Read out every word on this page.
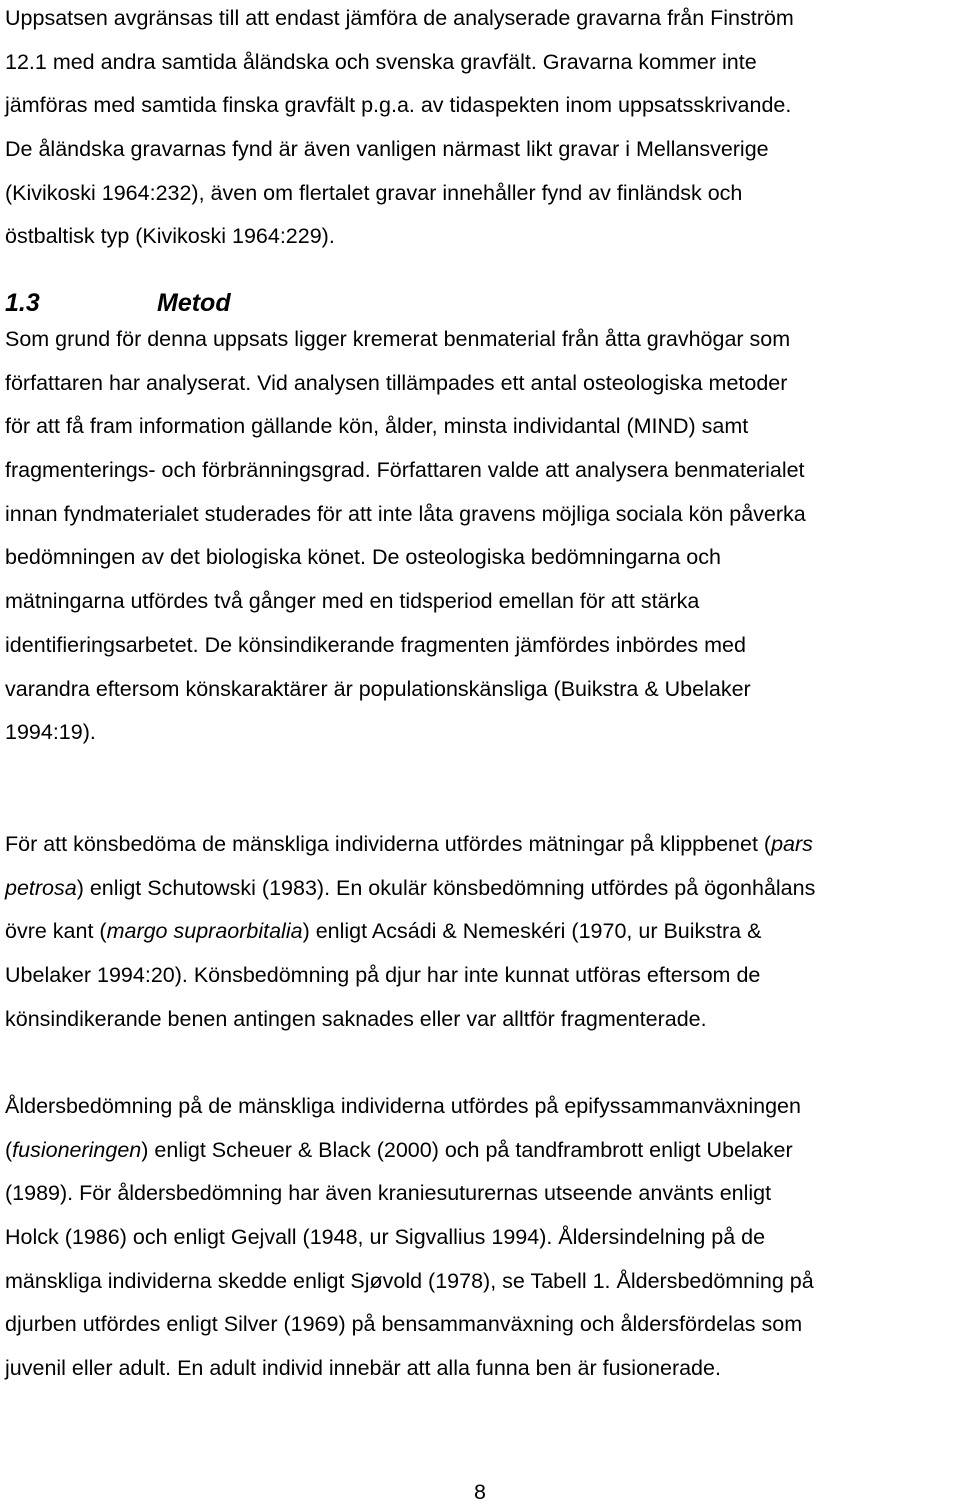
Uppsatsen avgränsas till att endast jämföra de analyserade gravarna från Finström
12.1 med andra samtida åländska och svenska gravfält. Gravarna kommer inte
jämföras med samtida finska gravfält p.g.a. av tidaspekten inom uppsatsskrivande.
De åländska gravarnas fynd är även vanligen närmast likt gravar i Mellansverige
(Kivikoski 1964:232), även om flertalet gravar innehåller fynd av finländsk och
östbaltisk typ (Kivikoski 1964:229).

1.3	Metod

Som grund för denna uppsats ligger kremerat benmaterial från åtta gravhögar som
författaren har analyserat. Vid analysen tillämpades ett antal osteologiska metoder
för att få fram information gällande kön, ålder, minsta individantal (MIND) samt
fragmenterings- och förbränningsgrad. Författaren valde att analysera benmaterialet
innan fyndmaterialet studerades för att inte låta gravens möjliga sociala kön påverka
bedömningen av det biologiska könet. De osteologiska bedömningarna och
mätningarna utfördes två gånger med en tidsperiod emellan för att stärka
identifieringsarbetet. De könsindikerande fragmenten jämfördes inbördes med
varandra eftersom könskaraktärer är populationskänsliga (Buikstra & Ubelaker
1994:19).

För att könsbedöma de mänskliga individerna utfördes mätningar på klippbenet (pars
petrosa) enligt Schutowski (1983). En okulär könsbedömning utfördes på ögonhålans
övre kant (margo supraorbitalia) enligt Acsádi & Nemeskéri (1970, ur Buikstra &
Ubelaker 1994:20). Könsbedömning på djur har inte kunnat utföras eftersom de
könsindikerande benen antingen saknades eller var alltför fragmenterade.

Åldersbedömning på de mänskliga individerna utfördes på epifyssammanväxningen
(fusioneringen) enligt Scheuer & Black (2000) och på tandframbrott enligt Ubelaker
(1989). För åldersbedömning har även kraniesuturernas utseende använts enligt
Holck (1986) och enligt Gejvall (1948, ur Sigvallius 1994). Åldersindelning på de
mänskliga individerna skedde enligt Sjøvold (1978), se Tabell 1. Åldersbedömning på
djurben utfördes enligt Silver (1969) på bensammanväxning och åldersfördelas som
juvenil eller adult. En adult individ innebär att alla funna ben är fusionerade.

8
